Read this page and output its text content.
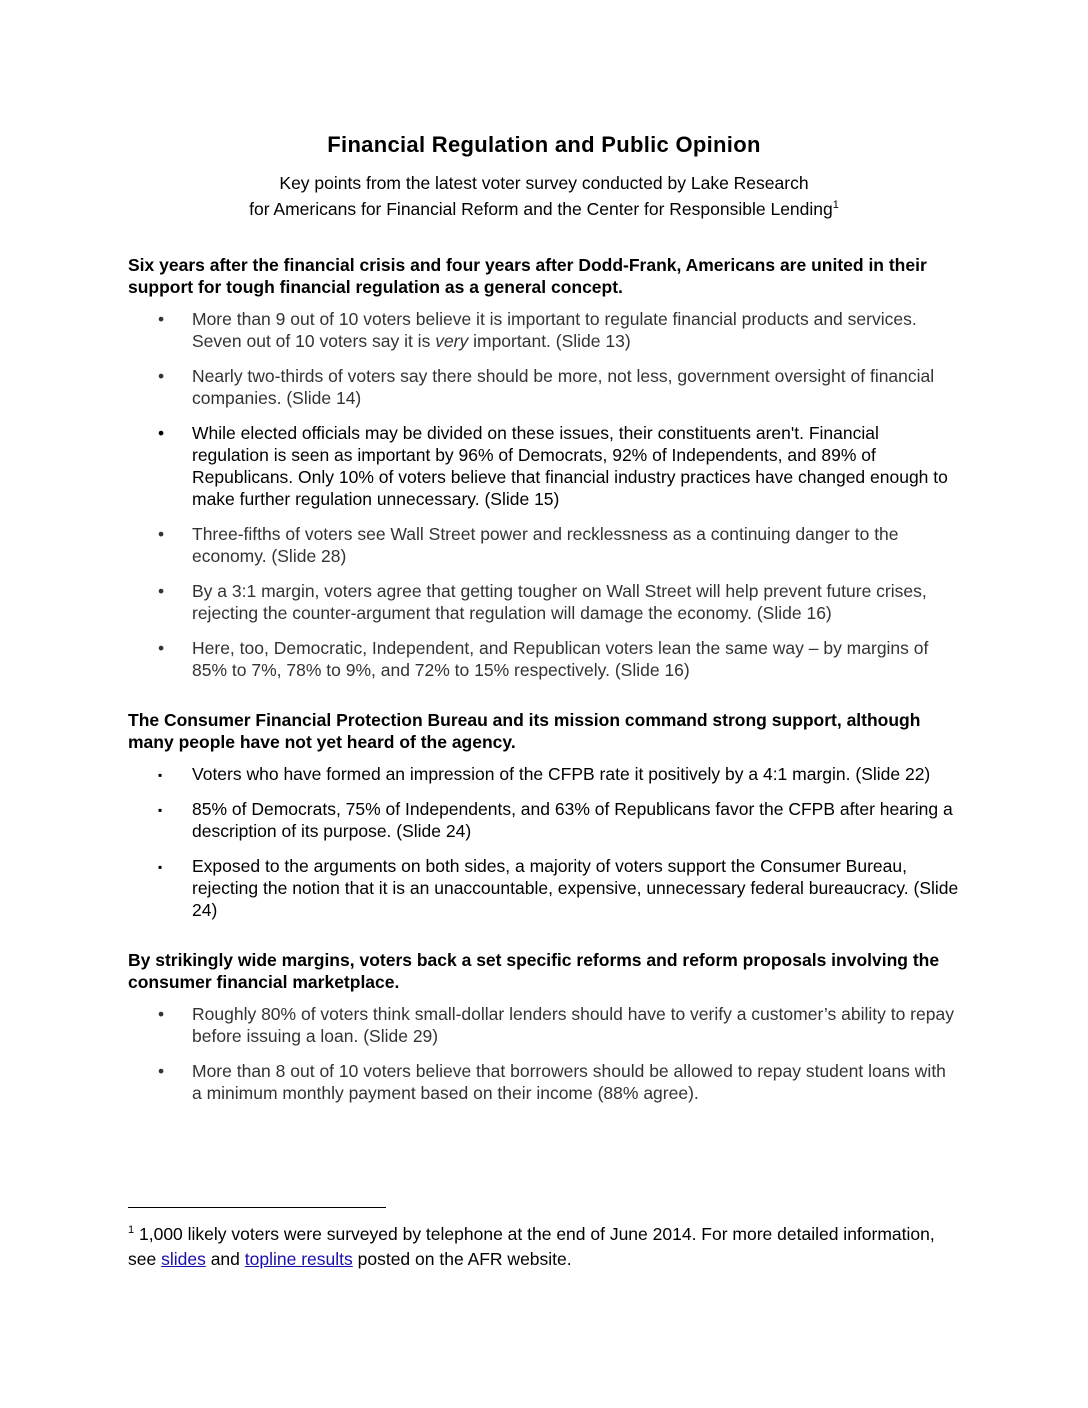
Financial Regulation and Public Opinion
Key points from the latest voter survey conducted by Lake Research
for Americans for Financial Reform and the Center for Responsible Lending$^1$
Six years after the financial crisis and four years after Dodd-Frank, Americans are united in their support for tough financial regulation as a general concept.
• More than 9 out of 10 voters believe it is important to regulate financial products and services. Seven out of 10 voters say it is very important. (Slide 13)
• Nearly two-thirds of voters say there should be more, not less, government oversight of financial companies. (Slide 14)
• While elected officials may be divided on these issues, their constituents aren't. Financial regulation is seen as important by 96% of Democrats, 92% of Independents, and 89% of Republicans. Only 10% of voters believe that financial industry practices have changed enough to make further regulation unnecessary. (Slide 15)
• Three-fifths of voters see Wall Street power and recklessness as a continuing danger to the economy. (Slide 28)
• By a 3:1 margin, voters agree that getting tougher on Wall Street will help prevent future crises, rejecting the counter-argument that regulation will damage the economy. (Slide 16)
• Here, too, Democratic, Independent, and Republican voters lean the same way – by margins of 85% to 7%, 78% to 9%, and 72% to 15% respectively. (Slide 16)
The Consumer Financial Protection Bureau and its mission command strong support, although many people have not yet heard of the agency.
▪ Voters who have formed an impression of the CFPB rate it positively by a 4:1 margin. (Slide 22)
▪ 85% of Democrats, 75% of Independents, and 63% of Republicans favor the CFPB after hearing a description of its purpose. (Slide 24)
▪ Exposed to the arguments on both sides, a majority of voters support the Consumer Bureau, rejecting the notion that it is an unaccountable, expensive, unnecessary federal bureaucracy. (Slide 24)
By strikingly wide margins, voters back a set specific reforms and reform proposals involving the consumer financial marketplace.
• Roughly 80% of voters think small-dollar lenders should have to verify a customer’s ability to repay before issuing a loan. (Slide 29)
• More than 8 out of 10 voters believe that borrowers should be allowed to repay student loans with a minimum monthly payment based on their income (88% agree).
$^1$ 1,000 likely voters were surveyed by telephone at the end of June 2014. For more detailed information, see slides and topline results posted on the AFR website.
